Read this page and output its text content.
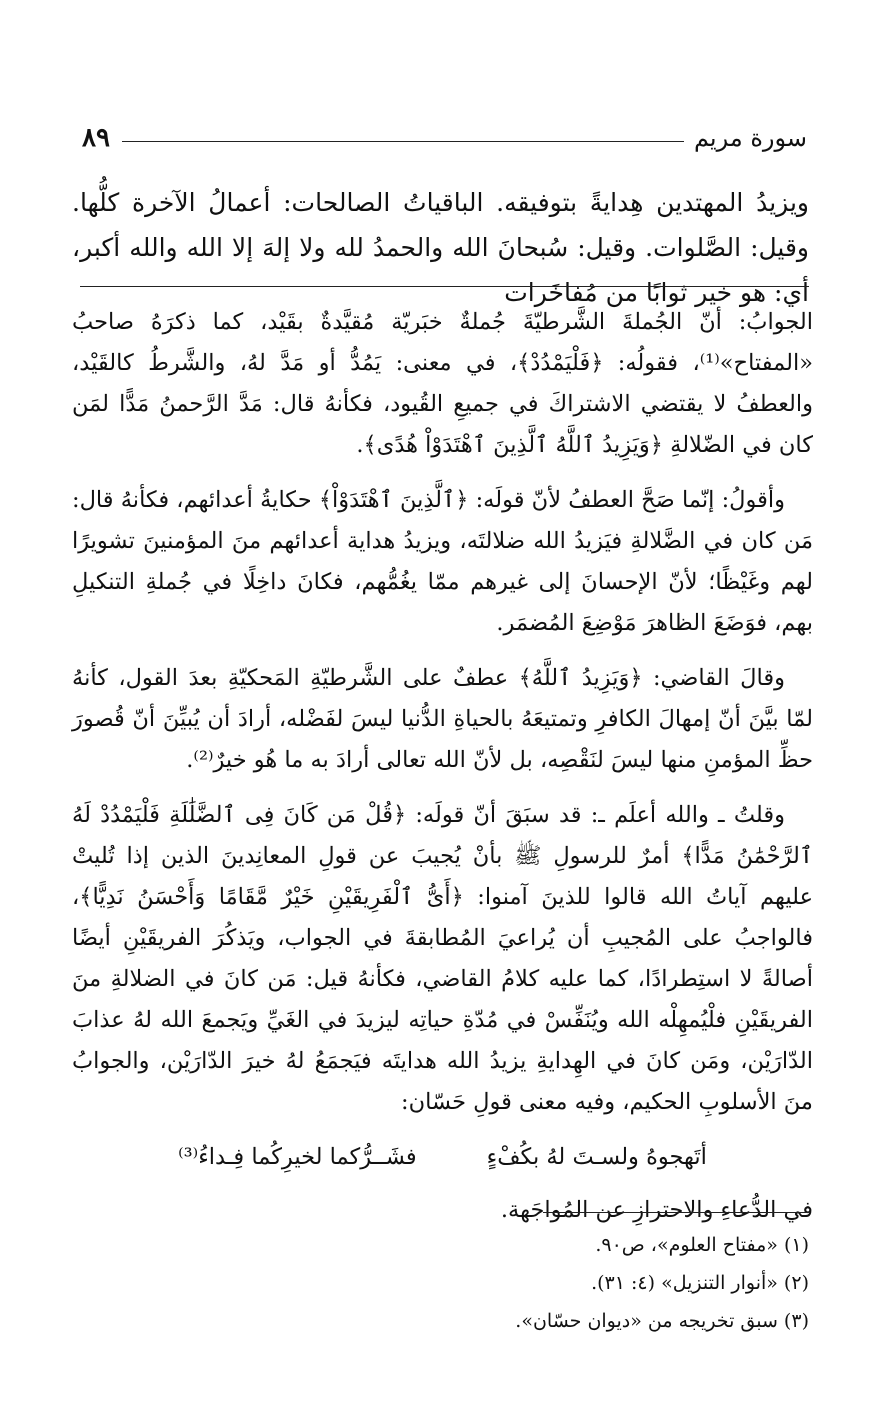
سورة مريم
٨٩
ويزيدُ المهتدين هِدايةً بتوفيقه. الباقياتُ الصالحات: أعمالُ الآخرة كلُّها. وقيل: الصَّلوات. وقيل: سُبحانَ الله والحمدُ لله ولا إلهَ إلا الله والله أكبر، أي: هو خير ثوابًا من مُفاخَرات

الجوابُ: أنّ الجُملةَ الشَّرطيّةَ جُملةٌ خبَريّة مُقيَّدةٌ بقَيْد، كما ذكرَهُ صاحبُ «المفتاح»⁽¹⁾، فقولُه: ﴿فَلْيَمْدُدْ﴾، في معنى: يَمُدُّ أو مَدَّ لهُ، والشَّرطُ كالقَيْد، والعطفُ لا يقتضي الاشتراكَ في جميعِ القُيود، فكأنهُ قال: مَدَّ الرَّحمنُ مَدًّا لمَن كان في الضّلالةِ ﴿وَيَزِيدُ ٱللَّهُ ٱلَّذِينَ ٱهْتَدَوْاْ هُدًى﴾.

وأقولُ: إنّما صَحَّ العطفُ لأنّ قولَه: ﴿ٱلَّذِينَ ٱهْتَدَوْاْ﴾ حكايةُ أعدائهم، فكأنهُ قال: مَن كان في الضَّلالةِ فيَزيدُ الله ضلالتَه، ويزيدُ هداية أعدائهم منَ المؤمنينَ تشويرًا لهم وغَيْظًا؛ لأنّ الإحسانَ إلى غيرهم ممّا يغُمُّهم، فكانَ داخِلًا في جُملةِ التنكيلِ بهم، فوَضَعَ الظاهرَ مَوْضِعَ المُضمَر.

وقالَ القاضي: ﴿وَيَزِيدُ ٱللَّهُ﴾ عطفٌ على الشَّرطيّةِ المَحكيّةِ بعدَ القول، كأنهُ لمّا بيَّنَ أنّ إمهالَ الكافرِ وتمتيعَهُ بالحياةِ الدُّنيا ليسَ لفَضْله، أرادَ أن يُبيِّنَ أنّ قُصورَ حظِّ المؤمنِ منها ليسَ لنَقْصِه، بل لأنّ الله تعالى أرادَ به ما هُو خيرٌ⁽²⁾.

وقلتُ ـ والله أعلَم ـ: قد سبَقَ أنّ قولَه: ﴿قُلْ مَن كَانَ فِى ٱلضَّلَٰلَةِ فَلْيَمْدُدْ لَهُ ٱلرَّحْمَٰنُ مَدًّا﴾ أمرٌ للرسولِ ﷺ بأنْ يُجيبَ عن قولِ المعانِدينَ الذين إذا تُليتْ عليهم آياتُ الله قالوا للذينَ آمنوا: ﴿أَىُّ ٱلْفَرِيقَيْنِ خَيْرٌ مَّقَامًا وَأَحْسَنُ نَدِيًّا﴾، فالواجبُ على المُجيبِ أن يُراعيَ المُطابقةَ في الجواب، ويَذكُرَ الفريقَيْنِ أيضًا أصالةً لا استِطرادًا، كما عليه كلامُ القاضي، فكأنهُ قيل: مَن كانَ في الضلالةِ منَ الفريقَيْنِ فلْيُمهِلْه الله ويُنَفِّسْ في مُدّةِ حياتِه ليزيدَ في الغَيِّ ويَجمعَ الله لهُ عذابَ الدّارَيْن، ومَن كانَ في الهِدايةِ يزيدُ الله هدايتَه فيَجمَعُ لهُ خيرَ الدّارَيْن، والجوابُ منَ الأسلوبِ الحكيم، وفيه معنى قولِ حَسّان:

أتَهجوهُ ولسـتَ لهُ بكُفْءٍ
فشَــرُّكما لخيرِكُما فِـداءُ⁽³⁾

في الدُّعاءِ والاحترازِ عن المُواجَهة.

(١) «مفتاح العلوم»، ص٩٠.
(٢) «أنوار التنزيل» (٤: ٣١).
(٣) سبق تخريجه من «ديوان حسّان».
